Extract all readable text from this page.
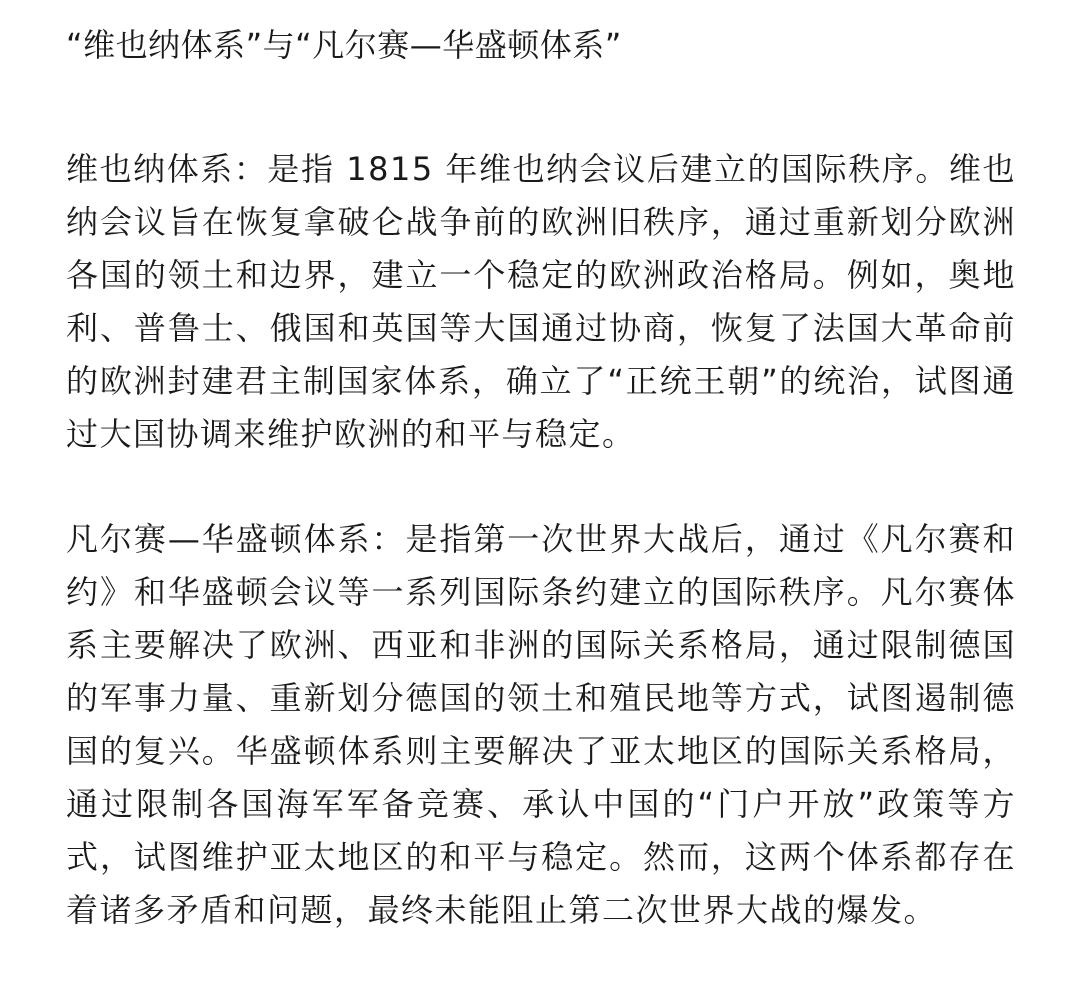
“维也纳体系”与“凡尔赛—华盛顿体系”

维也纳体系：是指 1815 年维也纳会议后建立的国际秩序。维也纳会议旨在恢复拿破仑战争前的欧洲旧秩序，通过重新划分欧洲各国的领土和边界，建立一个稳定的欧洲政治格局。例如，奥地利、普鲁士、俄国和英国等大国通过协商，恢复了法国大革命前的欧洲封建君主制国家体系，确立了“正统王朝”的统治，试图通过大国协调来维护欧洲的和平与稳定。

凡尔赛—华盛顿体系：是指第一次世界大战后，通过《凡尔赛和约》和华盛顿会议等一系列国际条约建立的国际秩序。凡尔赛体系主要解决了欧洲、西亚和非洲的国际关系格局，通过限制德国的军事力量、重新划分德国的领土和殖民地等方式，试图遏制德国的复兴。华盛顿体系则主要解决了亚太地区的国际关系格局，通过限制各国海军军备竞赛、承认中国的“门户开放”政策等方式，试图维护亚太地区的和平与稳定。然而，这两个体系都存在着诸多矛盾和问题，最终未能阻止第二次世界大战的爆发。
